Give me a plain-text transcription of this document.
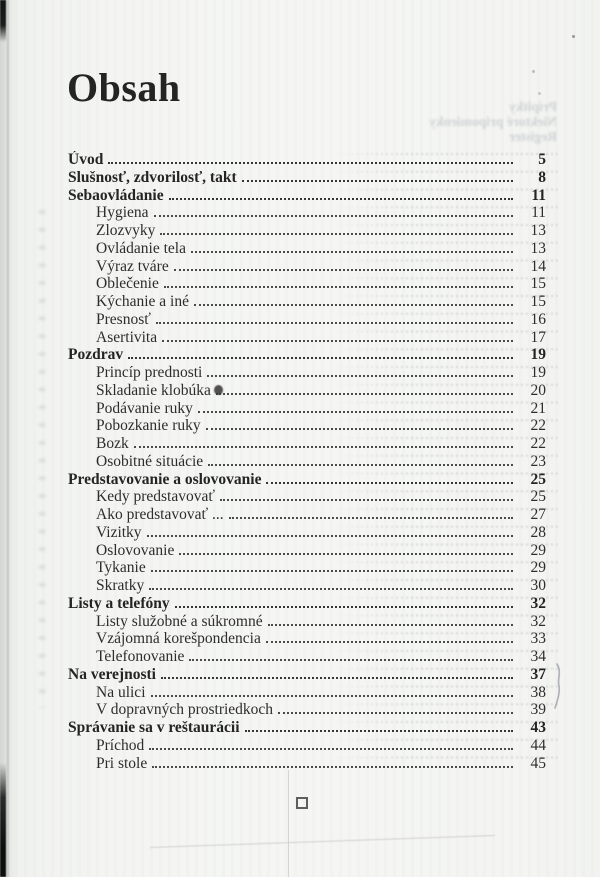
Obsah	Prípitky
Niektoré pripomienky
Register
Úvod	5
Slušnosť, zdvorilosť, takt	8
Sebaovládanie	11
Hygiena	11
Zlozvyky	13
Ovládanie tela	13
Výraz tváre	14
Oblečenie	15
Kýchanie a iné	15
Presnosť	16
Asertivita	17
Pozdrav	19
Princíp prednosti	19
Skladanie klobúka	20
Podávanie ruky	21
Pobozkanie ruky	22
Bozk	22
Osobitné situácie	23
Predstavovanie a oslovovanie	25
Kedy predstavovať	25
Ako predstavovať ...	27
Vizitky	28
Oslovovanie	29
Tykanie	29
Skratky	30
Listy a telefóny	32
Listy služobné a súkromné	32
Vzájomná korešpondencia	33
Telefonovanie	34
Na verejnosti	37
Na ulici	38
V dopravných prostriedkoch	39
Správanie sa v reštaurácii	43
Príchod	44
Pri stole	45
